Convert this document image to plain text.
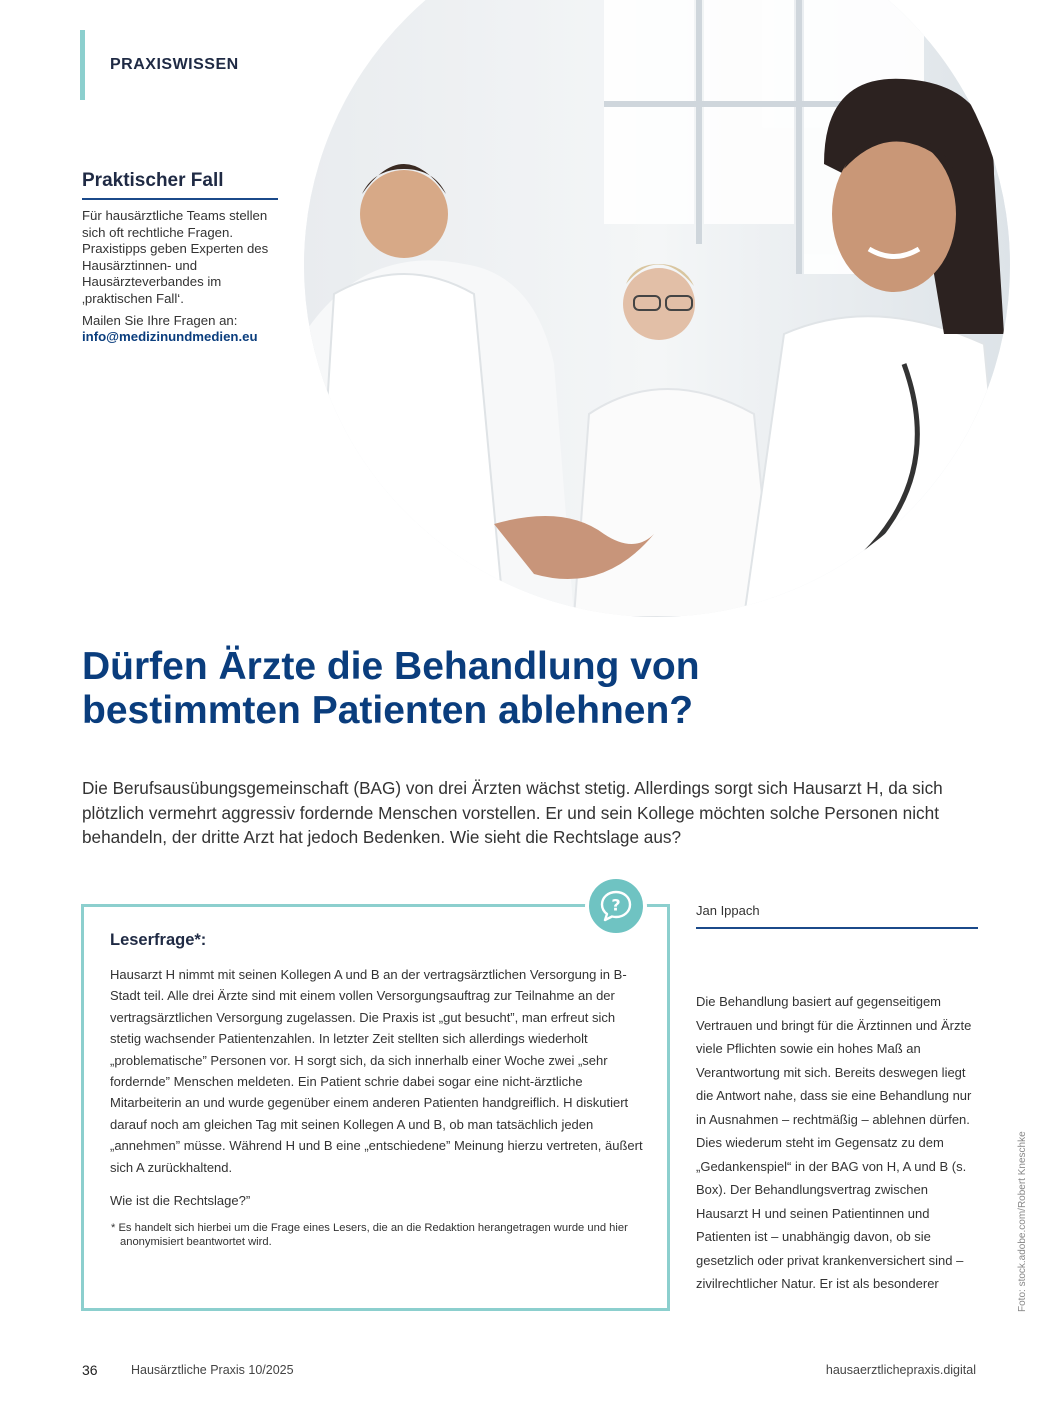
PRAXISWISSEN
Praktischer Fall

Für hausärztliche Teams stellen sich oft rechtliche Fragen. Praxistipps geben Experten des Hausärztinnen- und Hausärzteverbandes im ‚praktischen Fall‘.

Mailen Sie Ihre Fragen an:
info@medizinundmedien.eu

Dürfen Ärzte die Behandlung von
bestimmten Patienten ablehnen?

Die Berufsausübungsgemeinschaft (BAG) von drei Ärzten wächst stetig. Allerdings sorgt sich Hausarzt H, da sich plötzlich vermehrt aggressiv fordernde Menschen vorstellen. Er und sein Kollege möchten solche Personen nicht behandeln, der dritte Arzt hat jedoch Bedenken. Wie sieht die Rechtslage aus?

Leserfrage*:

Hausarzt H nimmt mit seinen Kollegen A und B an der vertragsärztlichen Versorgung in B-Stadt teil. Alle drei Ärzte sind mit einem vollen Versorgungsauftrag zur Teilnahme an der vertragsärztlichen Versorgung zugelassen. Die Praxis ist „gut besucht”, man erfreut sich stetig wachsender Patientenzahlen. In letzter Zeit stellten sich allerdings wiederholt „problematische” Personen vor. H sorgt sich, da sich innerhalb einer Woche zwei „sehr fordernde” Menschen meldeten. Ein Patient schrie dabei sogar eine nicht-ärztliche Mitarbeiterin an und wurde gegenüber einem anderen Patienten handgreiflich. H diskutiert darauf noch am gleichen Tag mit seinen Kollegen A und B, ob man tatsächlich jeden „annehmen” müsse. Während H und B eine „entschiedene” Meinung hierzu vertreten, äußert sich A zurückhaltend.

Wie ist die Rechtslage?”

* Es handelt sich hierbei um die Frage eines Lesers, die an die Redaktion herangetragen wurde und hier anonymisiert beantwortet wird.

?	Jan Ippach

Die Behandlung basiert auf gegenseitigem Vertrauen und bringt für die Ärztinnen und Ärzte viele Pflichten sowie ein hohes Maß an Verantwortung mit sich. Bereits deswegen liegt die Antwort nahe, dass sie eine Behandlung nur in Ausnahmen – rechtmäßig – ablehnen dürfen. Dies wiederum steht im Gegensatz zu dem „Gedankenspiel“ in der BAG von H, A und B (s. Box). Der Behandlungsvertrag zwischen Hausarzt H und seinen Patientinnen und Patienten ist – unabhängig davon, ob sie gesetzlich oder privat krankenversichert sind – zivilrechtlicher Natur. Er ist als besonderer	Foto: stock.adobe.com/Robert Kneschke
36	Hausärztliche Praxis 10/2025	hausaerztlichepraxis.digital
